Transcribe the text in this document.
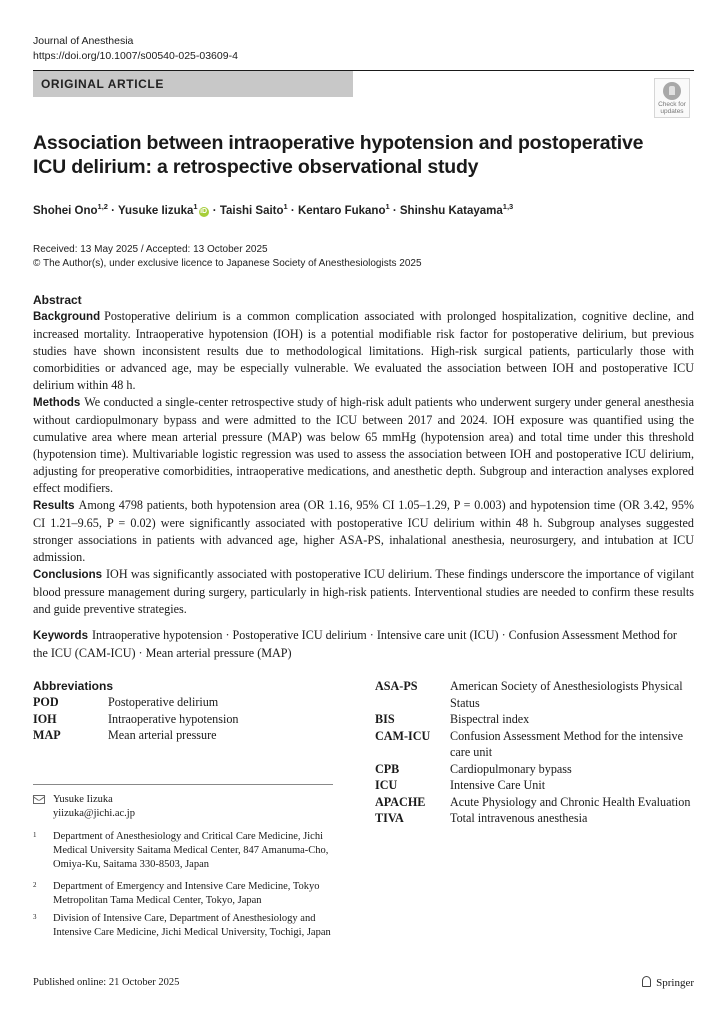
Journal of Anesthesia
https://doi.org/10.1007/s00540-025-03609-4
ORIGINAL ARTICLE
Check for
updates
Association between intraoperative hypotension and postoperative ICU delirium: a retrospective observational study
Shohei Ono$^{1,2}$ · Yusuke Iizuka$^1$iD · Taishi Saito$^1$ · Kentaro Fukano$^1$ · Shinshu Katayama$^{1,3}$
Received: 13 May 2025 / Accepted: 13 October 2025
© The Author(s), under exclusive licence to Japanese Society of Anesthesiologists 2025
Abstract

Background Postoperative delirium is a common complication associated with prolonged hospitalization, cognitive decline, and increased mortality. Intraoperative hypotension (IOH) is a potential modifiable risk factor for postoperative delirium, but previous studies have shown inconsistent results due to methodological limitations. High-risk surgical patients, particularly those with comorbidities or advanced age, may be especially vulnerable. We evaluated the association between IOH and postoperative ICU delirium within 48 h.

Methods We conducted a single-center retrospective study of high-risk adult patients who underwent surgery under general anesthesia without cardiopulmonary bypass and were admitted to the ICU between 2017 and 2024. IOH exposure was quantified using the cumulative area where mean arterial pressure (MAP) was below 65 mmHg (hypotension area) and total time under this threshold (hypotension time). Multivariable logistic regression was used to assess the association between IOH and postoperative ICU delirium, adjusting for preoperative comorbidities, intraoperative medications, and anesthetic depth. Subgroup and interaction analyses explored effect modifiers.

Results Among 4798 patients, both hypotension area (OR 1.16, 95% CI 1.05–1.29, P = 0.003) and hypotension time (OR 3.42, 95% CI 1.21–9.65, P = 0.02) were significantly associated with postoperative ICU delirium within 48 h. Subgroup analyses suggested stronger associations in patients with advanced age, higher ASA-PS, inhalational anesthesia, neurosurgery, and intubation at ICU admission.

Conclusions IOH was significantly associated with postoperative ICU delirium. These findings underscore the importance of vigilant blood pressure management during surgery, particularly in high-risk patients. Interventional studies are needed to confirm these results and guide preventive strategies.

Keywords Intraoperative hypotension · Postoperative ICU delirium · Intensive care unit (ICU) · Confusion Assessment Method for the ICU (CAM-ICU) · Mean arterial pressure (MAP)
Abbreviations
POD	Postoperative delirium
IOH	Intraoperative hypotension
MAP	Mean arterial pressure
ASA-PS	American Society of Anesthesiologists Physical Status
BIS	Bispectral index
CAM-ICU	Confusion Assessment Method for the intensive care unit
CPB	Cardiopulmonary bypass
ICU	Intensive Care Unit
APACHE	Acute Physiology and Chronic Health Evaluation
TIVA	Total intravenous anesthesia
Yusuke Iizuka
yiizuka@jichi.ac.jp
1 Department of Anesthesiology and Critical Care Medicine, Jichi Medical University Saitama Medical Center, 847 Amanuma-Cho, Omiya-Ku, Saitama 330-8503, Japan
2 Department of Emergency and Intensive Care Medicine, Tokyo Metropolitan Tama Medical Center, Tokyo, Japan
3 Division of Intensive Care, Department of Anesthesiology and Intensive Care Medicine, Jichi Medical University, Tochigi, Japan
Published online: 21 October 2025	Springer
